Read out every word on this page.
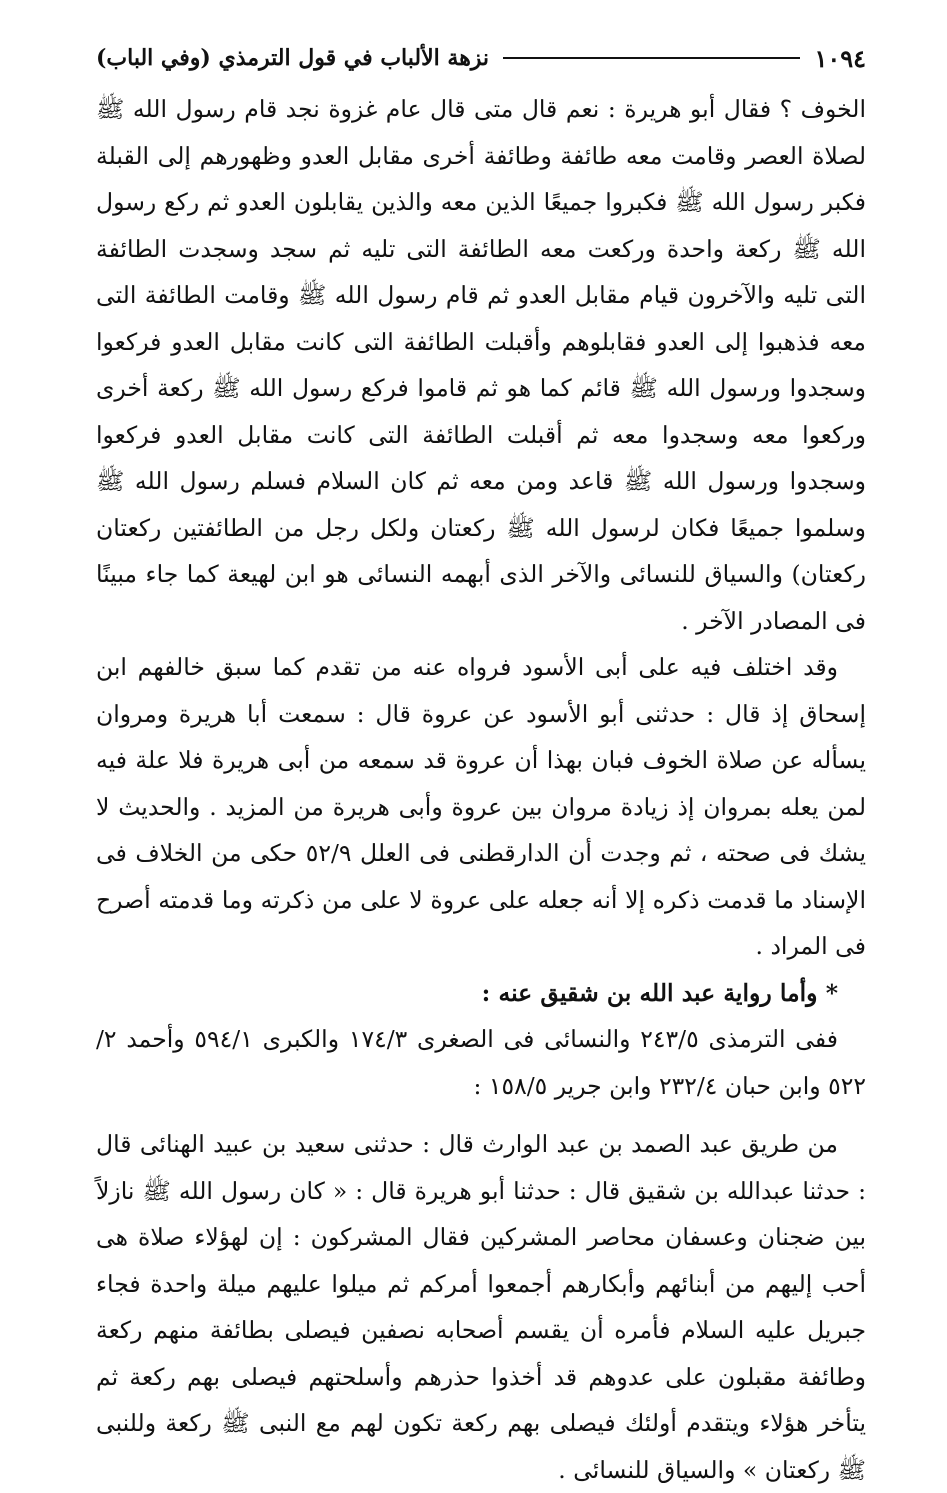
١٠٩٤
نزهة الألباب في قول الترمذي (وفي الباب)

الخوف ؟ فقال أبو هريرة : نعم قال متى قال عام غزوة نجد قام رسول الله ﷺ لصلاة العصر وقامت معه طائفة وطائفة أخرى مقابل العدو وظهورهم إلى القبلة فكبر رسول الله ﷺ فكبروا جميعًا الذين معه والذين يقابلون العدو ثم ركع رسول الله ﷺ ركعة واحدة وركعت معه الطائفة التى تليه ثم سجد وسجدت الطائفة التى تليه والآخرون قيام مقابل العدو ثم قام رسول الله ﷺ وقامت الطائفة التى معه فذهبوا إلى العدو فقابلوهم وأقبلت الطائفة التى كانت مقابل العدو فركعوا وسجدوا ورسول الله ﷺ قائم كما هو ثم قاموا فركع رسول الله ﷺ ركعة أخرى وركعوا معه وسجدوا معه ثم أقبلت الطائفة التى كانت مقابل العدو فركعوا وسجدوا ورسول الله ﷺ قاعد ومن معه ثم كان السلام فسلم رسول الله ﷺ وسلموا جميعًا فكان لرسول الله ﷺ ركعتان ولكل رجل من الطائفتين ركعتان ركعتان) والسياق للنسائى والآخر الذى أبهمه النسائى هو ابن لهيعة كما جاء مبينًا فى المصادر الآخر .

وقد اختلف فيه على أبى الأسود فرواه عنه من تقدم كما سبق خالفهم ابن إسحاق إذ قال : حدثنى أبو الأسود عن عروة قال : سمعت أبا هريرة ومروان يسأله عن صلاة الخوف فبان بهذا أن عروة قد سمعه من أبى هريرة فلا علة فيه لمن يعله بمروان إذ زيادة مروان بين عروة وأبى هريرة من المزيد . والحديث لا يشك فى صحته ، ثم وجدت أن الدارقطنى فى العلل ٥٢/٩ حكى من الخلاف فى الإسناد ما قدمت ذكره إلا أنه جعله على عروة لا على من ذكرته وما قدمته أصرح فى المراد .

* وأما رواية عبد الله بن شقيق عنه :

ففى الترمذى ٢٤٣/٥ والنسائى فى الصغرى ١٧٤/٣ والكبرى ٥٩٤/١ وأحمد ٢/ ٥٢٢ وابن حبان ٢٣٢/٤ وابن جرير ١٥٨/٥ :

من طريق عبد الصمد بن عبد الوارث قال : حدثنى سعيد بن عبيد الهنائى قال : حدثنا عبدالله بن شقيق قال : حدثنا أبو هريرة قال : « كان رسول الله ﷺ نازلاً بين ضجنان وعسفان محاصر المشركين فقال المشركون : إن لهؤلاء صلاة هى أحب إليهم من أبنائهم وأبكارهم أجمعوا أمركم ثم ميلوا عليهم ميلة واحدة فجاء جبريل عليه السلام فأمره أن يقسم أصحابه نصفين فيصلى بطائفة منهم ركعة وطائفة مقبلون على عدوهم قد أخذوا حذرهم وأسلحتهم فيصلى بهم ركعة ثم يتأخر هؤلاء ويتقدم أولئك فيصلى بهم ركعة تكون لهم مع النبى ﷺ ركعة وللنبى ﷺ ركعتان » والسياق للنسائى .
